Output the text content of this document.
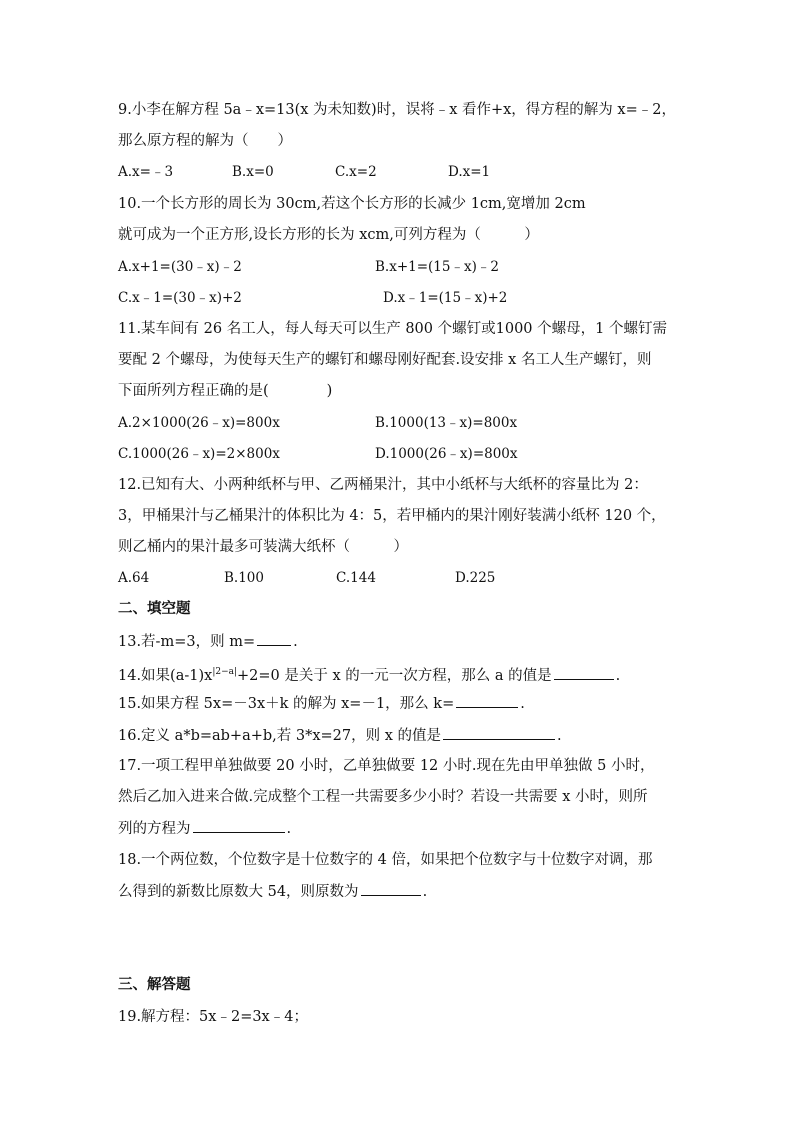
9.小李在解方程 5a﹣x=13(x 为未知数)时，误将﹣x 看作+x，得方程的解为 x=﹣2，
那么原方程的解为（　　）
A.x=﹣3	B.x=0	C.x=2	D.x=1
10.一个长方形的周长为 30cm,若这个长方形的长减少 1cm,宽增加 2cm
就可成为一个正方形,设长方形的长为 xcm,可列方程为（　　　）
A.x+1=(30﹣x)﹣2	B.x+1=(15﹣x)﹣2
C.x﹣1=(30﹣x)+2	D.x﹣1=(15﹣x)+2
11.某车间有 26 名工人，每人每天可以生产 800 个螺钉或1000 个螺母，1 个螺钉需
要配 2 个螺母，为使每天生产的螺钉和螺母刚好配套.设安排 x 名工人生产螺钉，则
下面所列方程正确的是(　　　　)
A.2×1000(26﹣x)=800x	B.1000(13﹣x)=800x
C.1000(26﹣x)=2×800x	D.1000(26﹣x)=800x
12.已知有大、小两种纸杯与甲、乙两桶果汁，其中小纸杯与大纸杯的容量比为 2：
3，甲桶果汁与乙桶果汁的体积比为 4：5，若甲桶内的果汁刚好装满小纸杯 120 个，
则乙桶内的果汁最多可装满大纸杯（　　　）
A.64	B.100	C.144	D.225
二、填空题
13.若-m=3，则 m=	.
14.如果$(a-1)x^{|2-a|}+2=0$ 是关于 x 的一元一次方程，那么 a 的值是	.
15.如果方程 5x=－3x＋k 的解为 x=－1，那么 k=	.
16.定义 a*b=ab+a+b,若 3*x=27，则 x 的值是	.
17.一项工程甲单独做要 20 小时，乙单独做要 12 小时.现在先由甲单独做 5 小时，
然后乙加入进来合做.完成整个工程一共需要多少小时？若设一共需要 x 小时，则所
列的方程为	.
18.一个两位数，个位数字是十位数字的 4 倍，如果把个位数字与十位数字对调，那
么得到的新数比原数大 54，则原数为	.
三、解答题
19.解方程：5x﹣2=3x﹣4；
